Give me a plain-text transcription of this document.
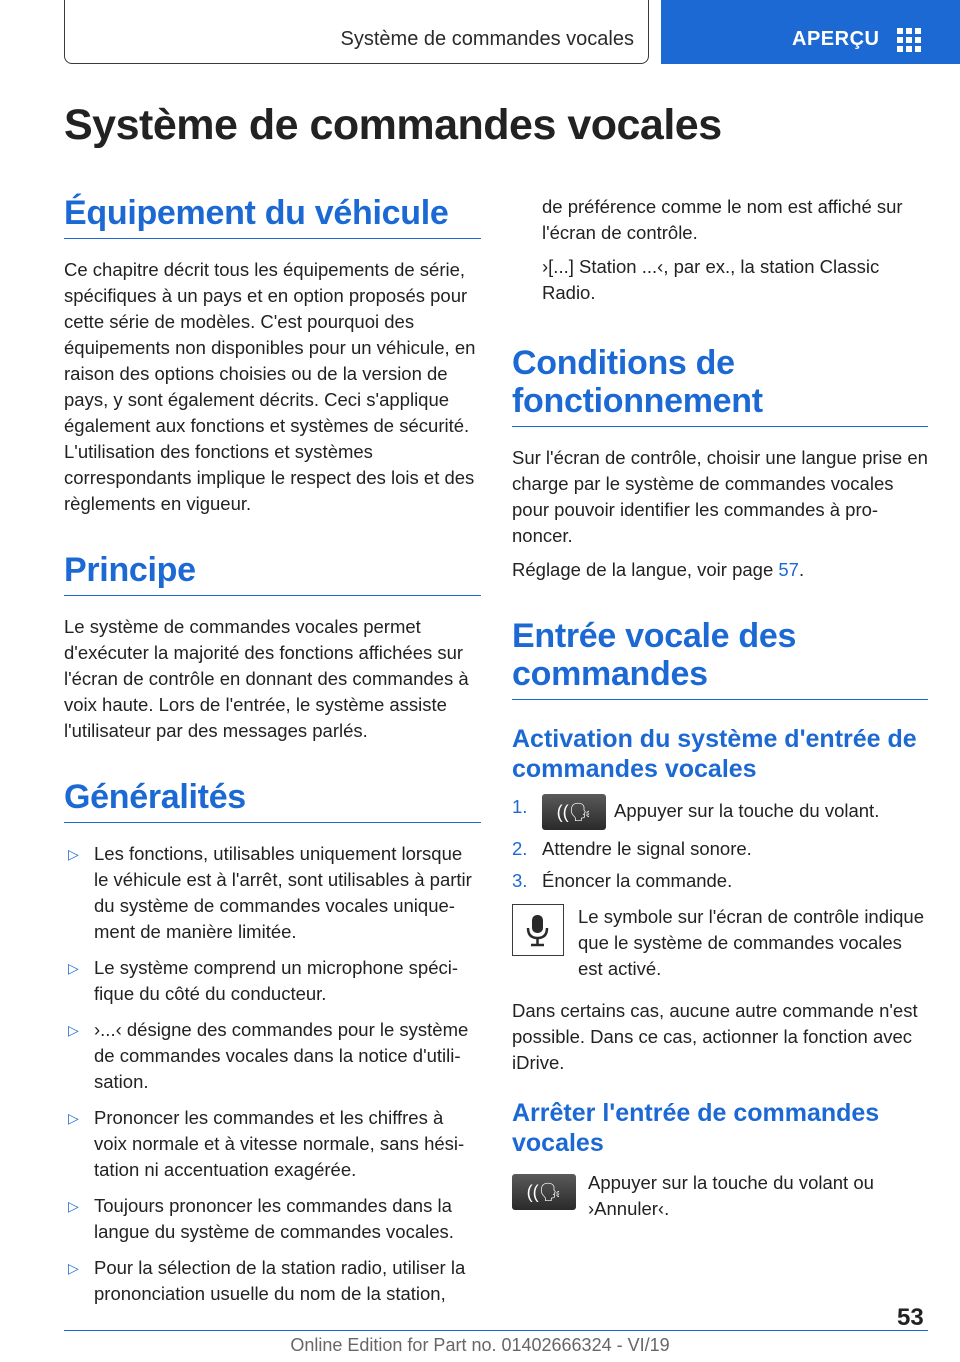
Système de commandes vocales	APERÇU
Système de commandes vocales
Équipement du véhicule

Ce chapitre décrit tous les équipements de série, spécifiques à un pays et en option proposés pour cette série de modèles. C'est pourquoi des équipements non disponibles pour un véhicule, en raison des options choisies ou de la version de pays, y sont également décrits. Ceci s'applique également aux fonctions et systèmes de sécurité. L'utilisation des fonctions et systèmes correspondants implique le respect des lois et des règlements en vigueur.

Principe

Le système de commandes vocales permet d'exécuter la majorité des fonctions affichées sur l'écran de contrôle en donnant des commandes à voix haute. Lors de l'entrée, le système assiste l'utilisateur par des messages parlés.

Généralités
▷ Les fonctions, utilisables uniquement lorsque le véhicule est à l'arrêt, sont utilisables à partir du système de commandes vocales uniquement de manière limitée.
▷ Le système comprend un microphone spécifique du côté du conducteur.
▷ ›...‹ désigne des commandes pour le système de commandes vocales dans la notice d'utilisation.
▷ Prononcer les commandes et les chiffres à voix normale et à vitesse normale, sans hésitation ni accentuation exagérée.
▷ Toujours prononcer les commandes dans la langue du système de commandes vocales.
▷ Pour la sélection de la station radio, utiliser la prononciation usuelle du nom de la station,

de préférence comme le nom est affiché sur l'écran de contrôle.

›[...] Station ...‹, par ex., la station Classic Radio.

Conditions de fonctionnement

Sur l'écran de contrôle, choisir une langue prise en charge par le système de commandes vocales pour pouvoir identifier les commandes à prononcer.

Réglage de la langue, voir page 57.

Entrée vocale des commandes
Activation du système d'entrée de commandes vocales
1. ((🗣 Appuyer sur la touche du volant.
2. Attendre le signal sonore.
3. Énoncer la commande.

Le symbole sur l'écran de contrôle indique que le système de commandes vocales est activé.

Dans certains cas, aucune autre commande n'est possible. Dans ce cas, actionner la fonction avec iDrive.

Arrêter l'entrée de commandes vocales
((🗣	Appuyer sur la touche du volant ou ›Annuler‹.

53
Online Edition for Part no. 01402666324 - VI/19
